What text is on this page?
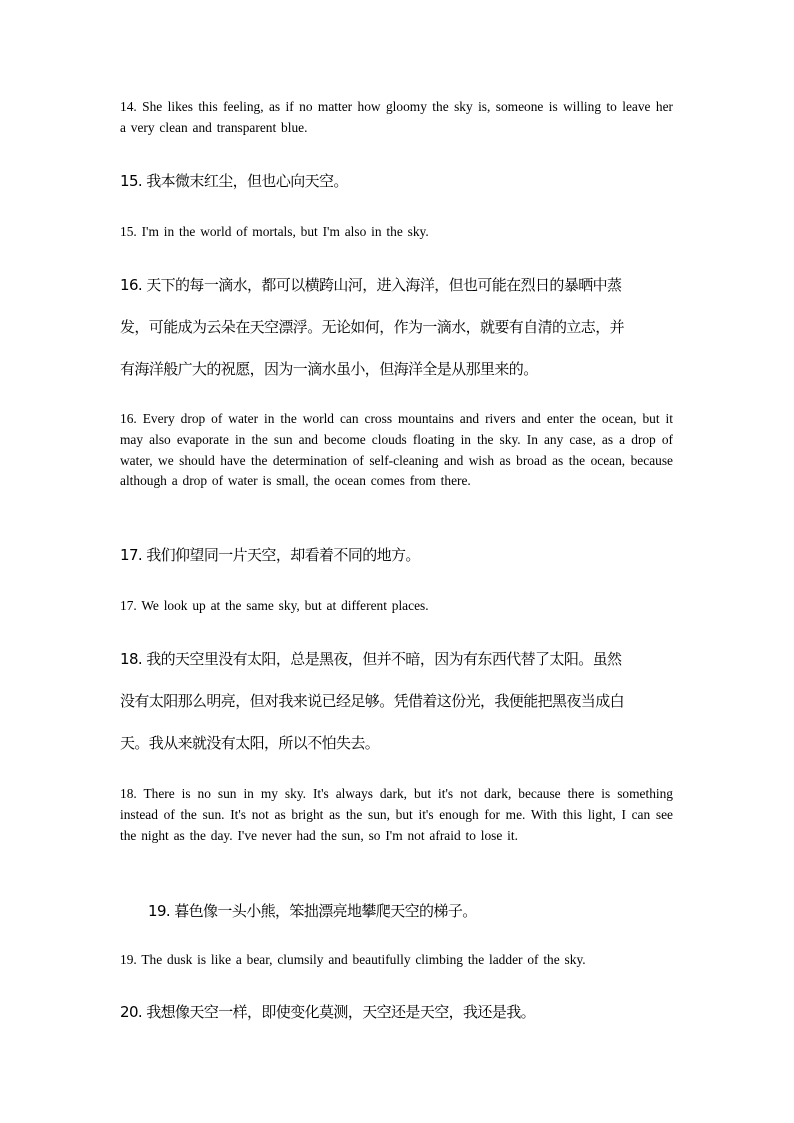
14. She likes this feeling, as if no matter how gloomy the sky is, someone is willing to leave her a very clean and transparent blue.

15. 我本微末红尘，但也心向天空。

15. I'm in the world of mortals, but I'm also in the sky.

16. 天下的每一滴水，都可以横跨山河，进入海洋，但也可能在烈日的暴晒中蒸
发，可能成为云朵在天空漂浮。无论如何，作为一滴水，就要有自清的立志，并
有海洋般广大的祝愿，因为一滴水虽小，但海洋全是从那里来的。

16. Every drop of water in the world can cross mountains and rivers and enter the ocean, but it may also evaporate in the sun and become clouds floating in the sky. In any case, as a drop of water, we should have the determination of self-cleaning and wish as broad as the ocean, because although a drop of water is small, the ocean comes from there.

17. 我们仰望同一片天空，却看着不同的地方。

17. We look up at the same sky, but at different places.

18. 我的天空里没有太阳，总是黑夜，但并不暗，因为有东西代替了太阳。虽然
没有太阳那么明亮，但对我来说已经足够。凭借着这份光，我便能把黑夜当成白
天。我从来就没有太阳，所以不怕失去。

18. There is no sun in my sky. It's always dark, but it's not dark, because there is something instead of the sun. It's not as bright as the sun, but it's enough for me. With this light, I can see the night as the day. I've never had the sun, so I'm not afraid to lose it.

19. 暮色像一头小熊，笨拙漂亮地攀爬天空的梯子。

19. The dusk is like a bear, clumsily and beautifully climbing the ladder of the sky.

20. 我想像天空一样，即使变化莫测，天空还是天空，我还是我。
